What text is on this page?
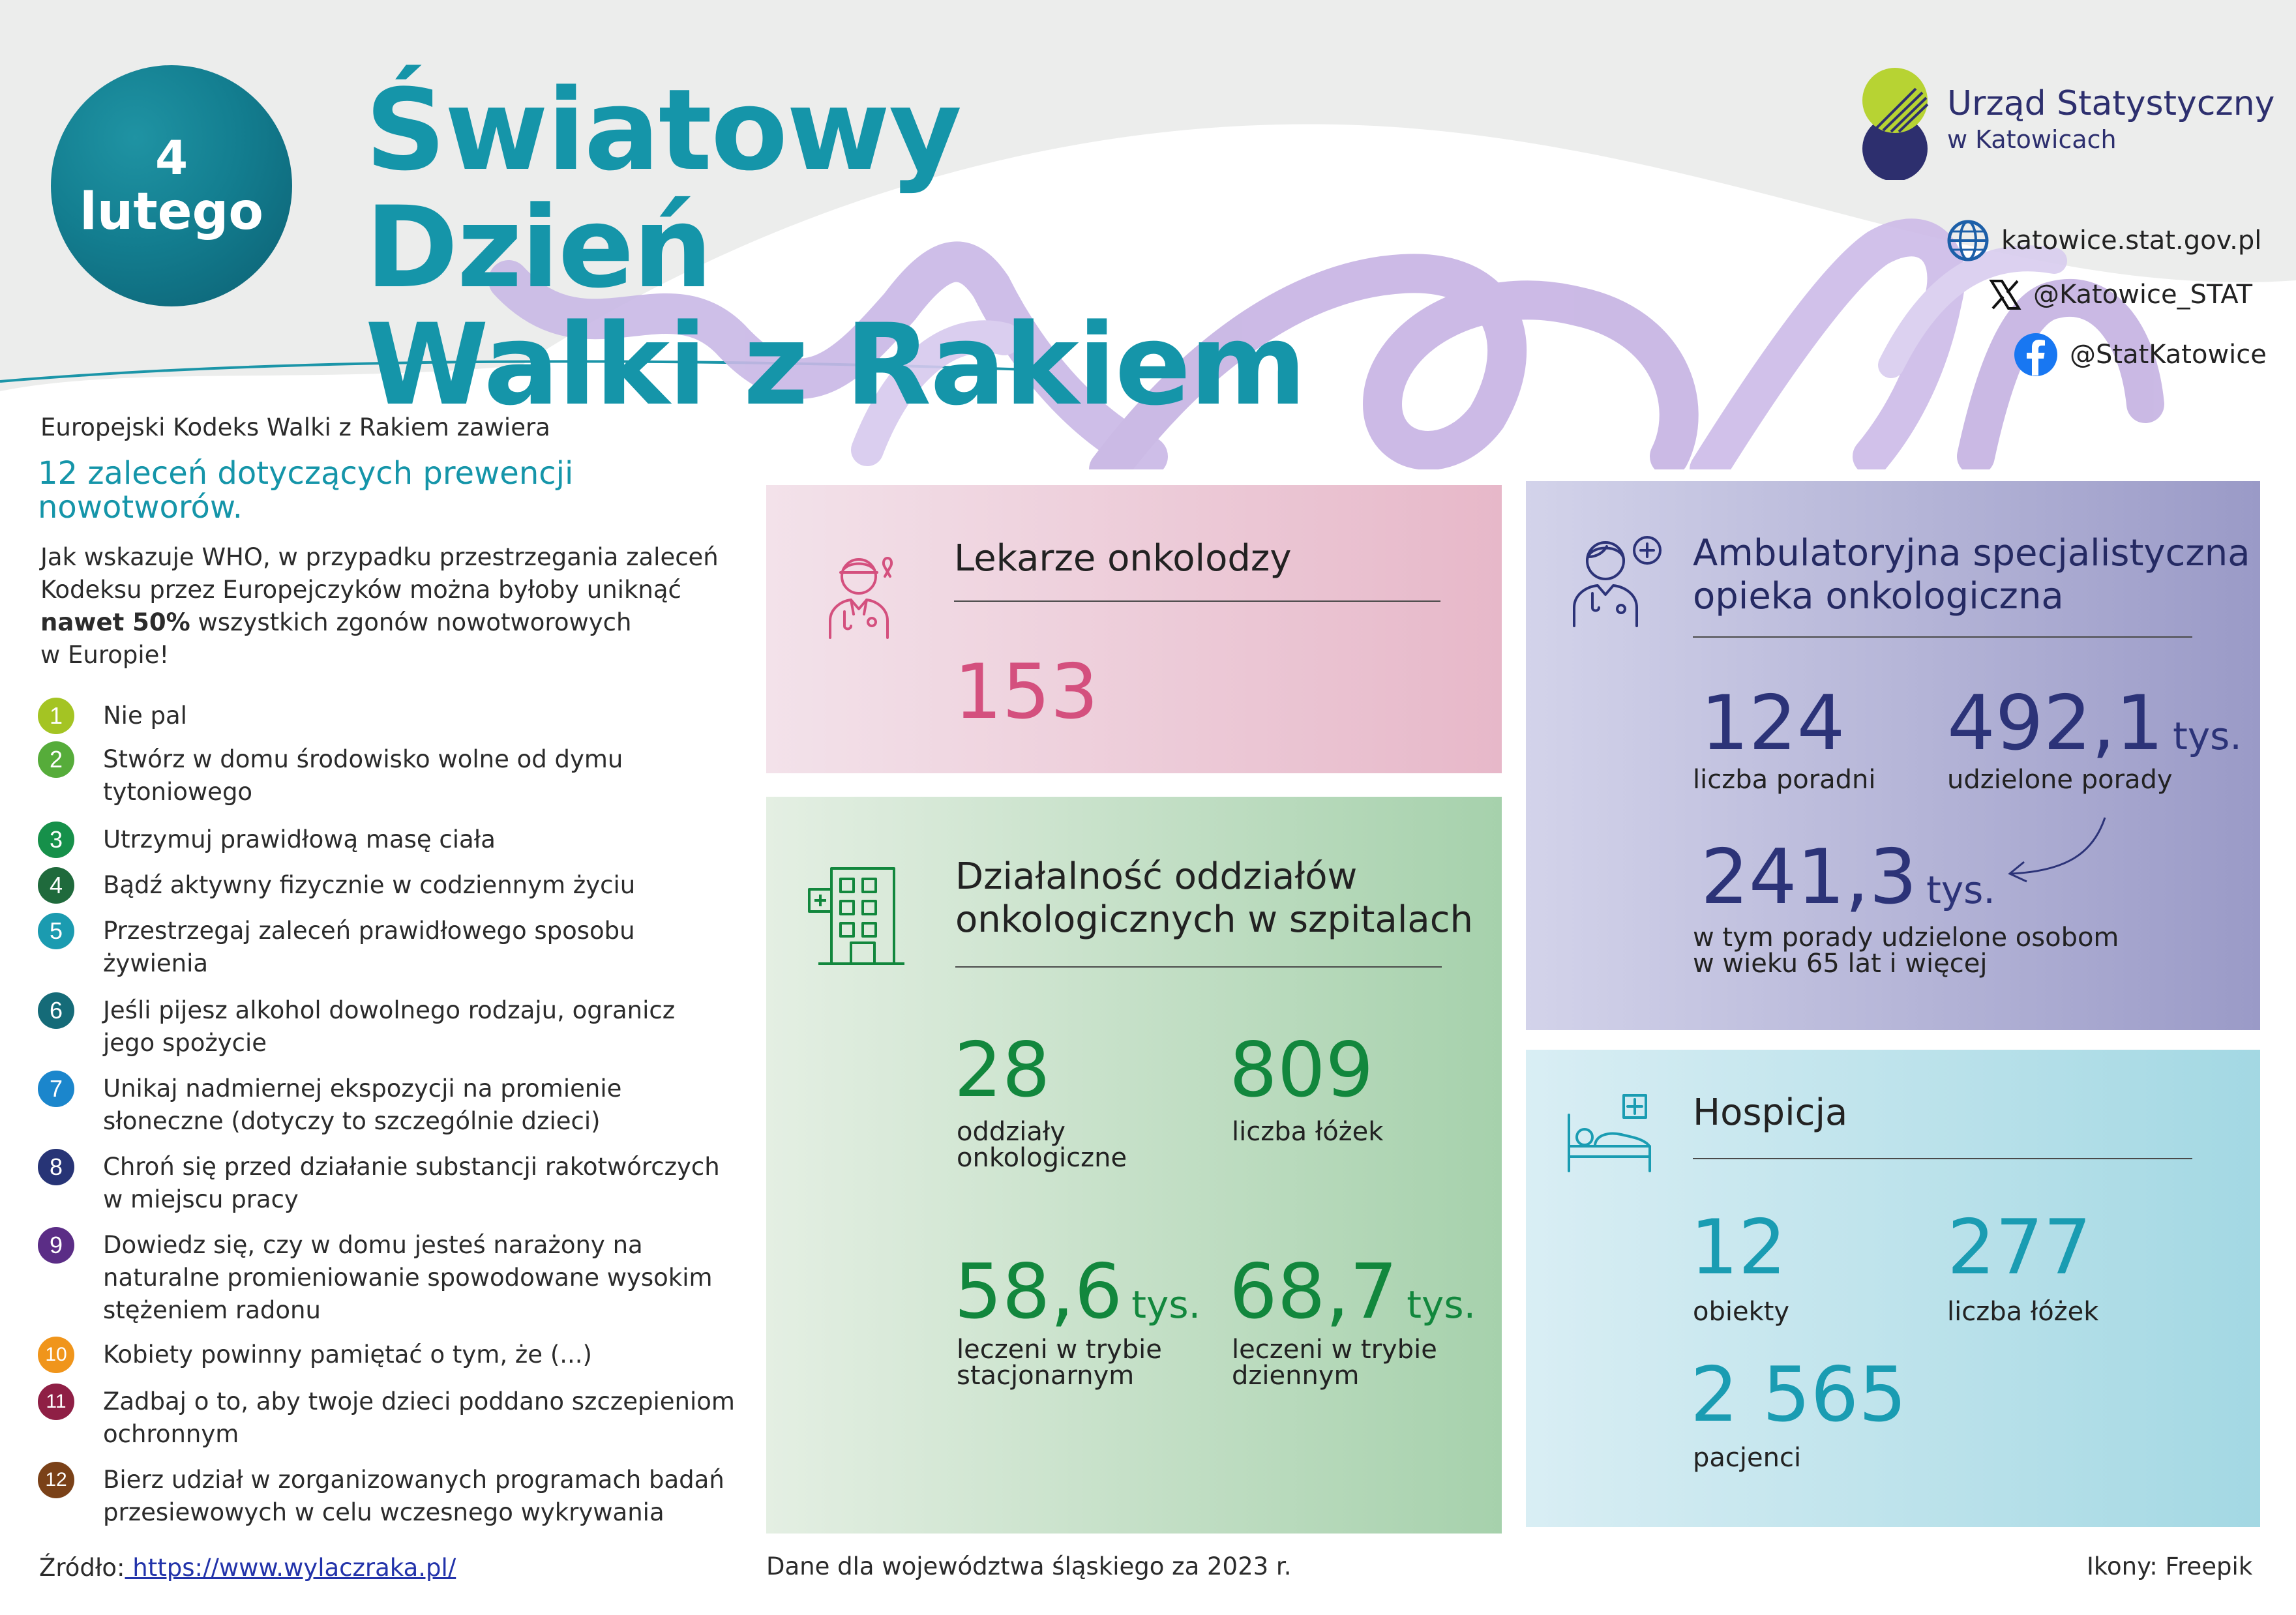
4
lutego
Światowy Dzień
Walki z Rakiem
Urząd Statystyczny
w Katowicach
katowice.stat.gov.pl
@Katowice_STAT
@StatKatowice
Europejski Kodeks Walki z Rakiem zawiera
12 zaleceń dotyczących prewencji
nowotworów.
Jak wskazuje WHO, w przypadku przestrzegania zaleceń
Kodeksu przez Europejczyków można byłoby uniknąć
nawet 50% wszystkich zgonów nowotworowych
w Europie!
1	Nie pal
2	Stwórz w domu środowisko wolne od dymu
tytoniowego
3	Utrzymuj prawidłową masę ciała
4	Bądź aktywny fizycznie w codziennym życiu
5	Przestrzegaj zaleceń prawidłowego sposobu
żywienia
6	Jeśli pijesz alkohol dowolnego rodzaju, ogranicz
jego spożycie
7	Unikaj nadmiernej ekspozycji na promienie
słoneczne (dotyczy to szczególnie dzieci)
8	Chroń się przed działanie substancji rakotwórczych
w miejscu pracy
9	Dowiedz się, czy w domu jesteś narażony na
naturalne promieniowanie spowodowane wysokim
stężeniem radonu
10	Kobiety powinny pamiętać o tym, że (...)
11	Zadbaj o to, aby twoje dzieci poddano szczepieniom
ochronnym
12	Bierz udział w zorganizowanych programach badań
przesiewowych w celu wczesnego wykrywania
Lekarze onkolodzy
153
Działalność oddziałów
onkologicznych w szpitalach
28
oddziały
onkologiczne
809
liczba łóżek
58,6 tys.
leczeni w trybie
stacjonarnym
68,7 tys.
leczeni w trybie
dziennym
Ambulatoryjna specjalistyczna
opieka onkologiczna
124
liczba poradni
492,1 tys.
udzielone porady
241,3 tys.
w tym porady udzielone osobom
w wieku 65 lat i więcej
Hospicja
12
obiekty
277
liczba łóżek
2 565
pacjenci
Źródło: https://www.wylaczraka.pl/	Dane dla województwa śląskiego za 2023 r.	Ikony: Freepik
